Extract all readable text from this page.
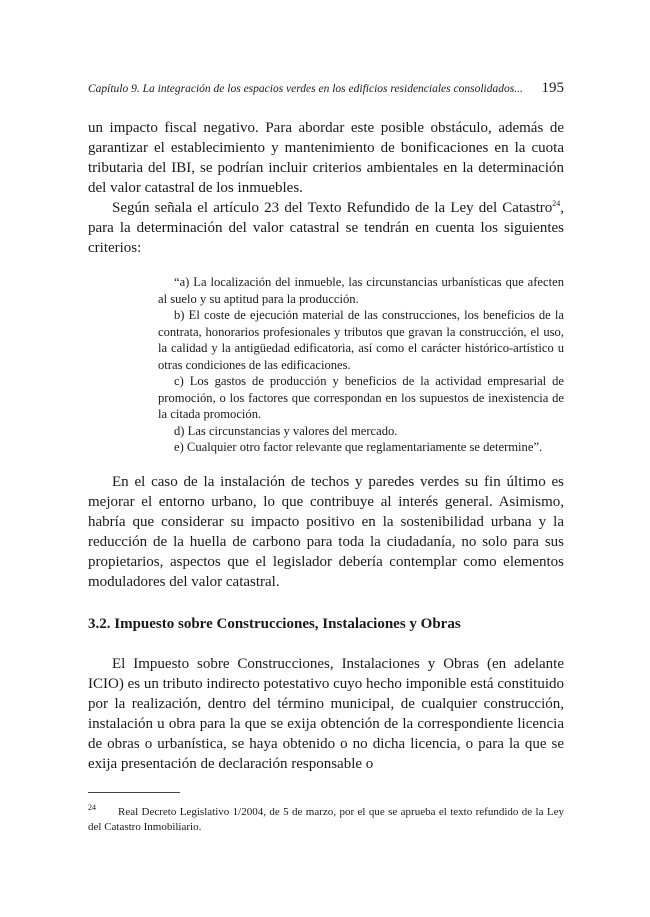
Capítulo 9. La integración de los espacios verdes en los edificios residenciales consolidados... 195

un impacto fiscal negativo. Para abordar este posible obstáculo, además de garantizar el establecimiento y mantenimiento de bonificaciones en la cuota tributaria del IBI, se podrían incluir criterios ambientales en la determinación del valor catastral de los inmuebles.

Según señala el artículo 23 del Texto Refundido de la Ley del Catastro$^{24}$, para la determinación del valor catastral se tendrán en cuenta los siguientes criterios:

“a) La localización del inmueble, las circunstancias urbanísticas que afecten al suelo y su aptitud para la producción.

b) El coste de ejecución material de las construcciones, los beneficios de la contrata, honorarios profesionales y tributos que gravan la construcción, el uso, la calidad y la antigüedad edificatoria, así como el carácter histórico-artístico u otras condiciones de las edificaciones.

c) Los gastos de producción y beneficios de la actividad empresarial de promoción, o los factores que correspondan en los supuestos de inexistencia de la citada promoción.

d) Las circunstancias y valores del mercado.

e) Cualquier otro factor relevante que reglamentariamente se determine”.

En el caso de la instalación de techos y paredes verdes su fin último es mejorar el entorno urbano, lo que contribuye al interés general. Asimismo, habría que considerar su impacto positivo en la sostenibilidad urbana y la reducción de la huella de carbono para toda la ciudadanía, no solo para sus propietarios, aspectos que el legislador debería contemplar como elementos moduladores del valor catastral.

3.2. Impuesto sobre Construcciones, Instalaciones y Obras

El Impuesto sobre Construcciones, Instalaciones y Obras (en adelante ICIO) es un tributo indirecto potestativo cuyo hecho imponible está constituido por la realización, dentro del término municipal, de cualquier construcción, instalación u obra para la que se exija obtención de la correspondiente licencia de obras o urbanística, se haya obtenido o no dicha licencia, o para la que se exija presentación de declaración responsable o

$^{24}$ Real Decreto Legislativo 1/2004, de 5 de marzo, por el que se aprueba el texto refundido de la Ley del Catastro Inmobiliario.
